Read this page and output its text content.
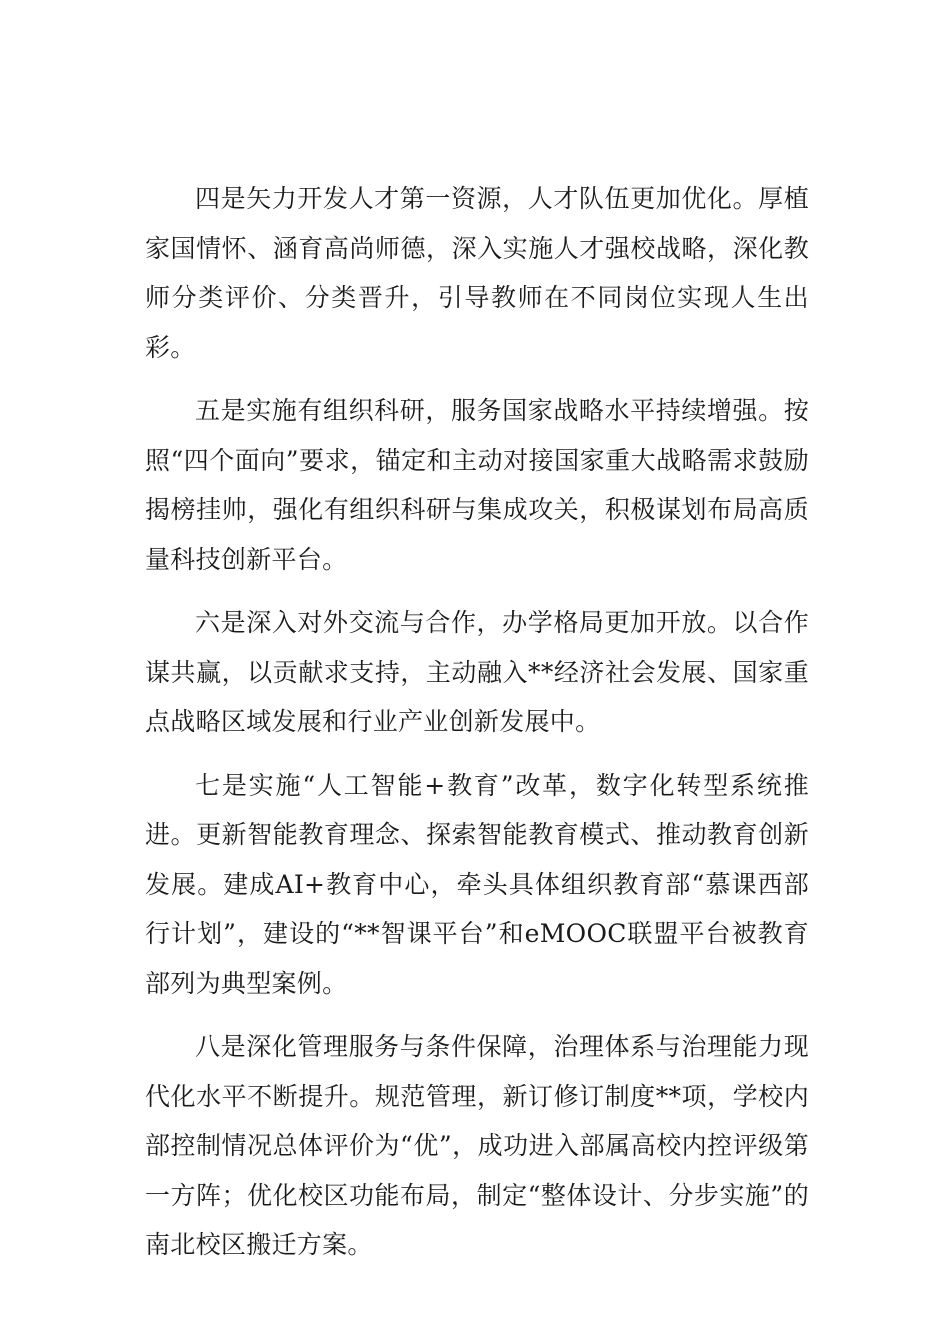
四是矢力开发人才第一资源，人才队伍更加优化。厚植家国情怀、涵育高尚师德，深入实施人才强校战略，深化教师分类评价、分类晋升，引导教师在不同岗位实现人生出彩。

五是实施有组织科研，服务国家战略水平持续增强。按照“四个面向”要求，锚定和主动对接国家重大战略需求鼓励揭榜挂帅，强化有组织科研与集成攻关，积极谋划布局高质量科技创新平台。

六是深入对外交流与合作，办学格局更加开放。以合作谋共赢，以贡献求支持，主动融入**经济社会发展、国家重点战略区域发展和行业产业创新发展中。

七是实施“人工智能+教育”改革，数字化转型系统推进。更新智能教育理念、探索智能教育模式、推动教育创新发展。建成AI+教育中心，牵头具体组织教育部“慕课西部行计划”，建设的“**智课平台”和eMOOC联盟平台被教育部列为典型案例。

八是深化管理服务与条件保障，治理体系与治理能力现代化水平不断提升。规范管理，新订修订制度**项，学校内部控制情况总体评价为“优”，成功进入部属高校内控评级第一方阵；优化校区功能布局，制定“整体设计、分步实施”的南北校区搬迁方案。
